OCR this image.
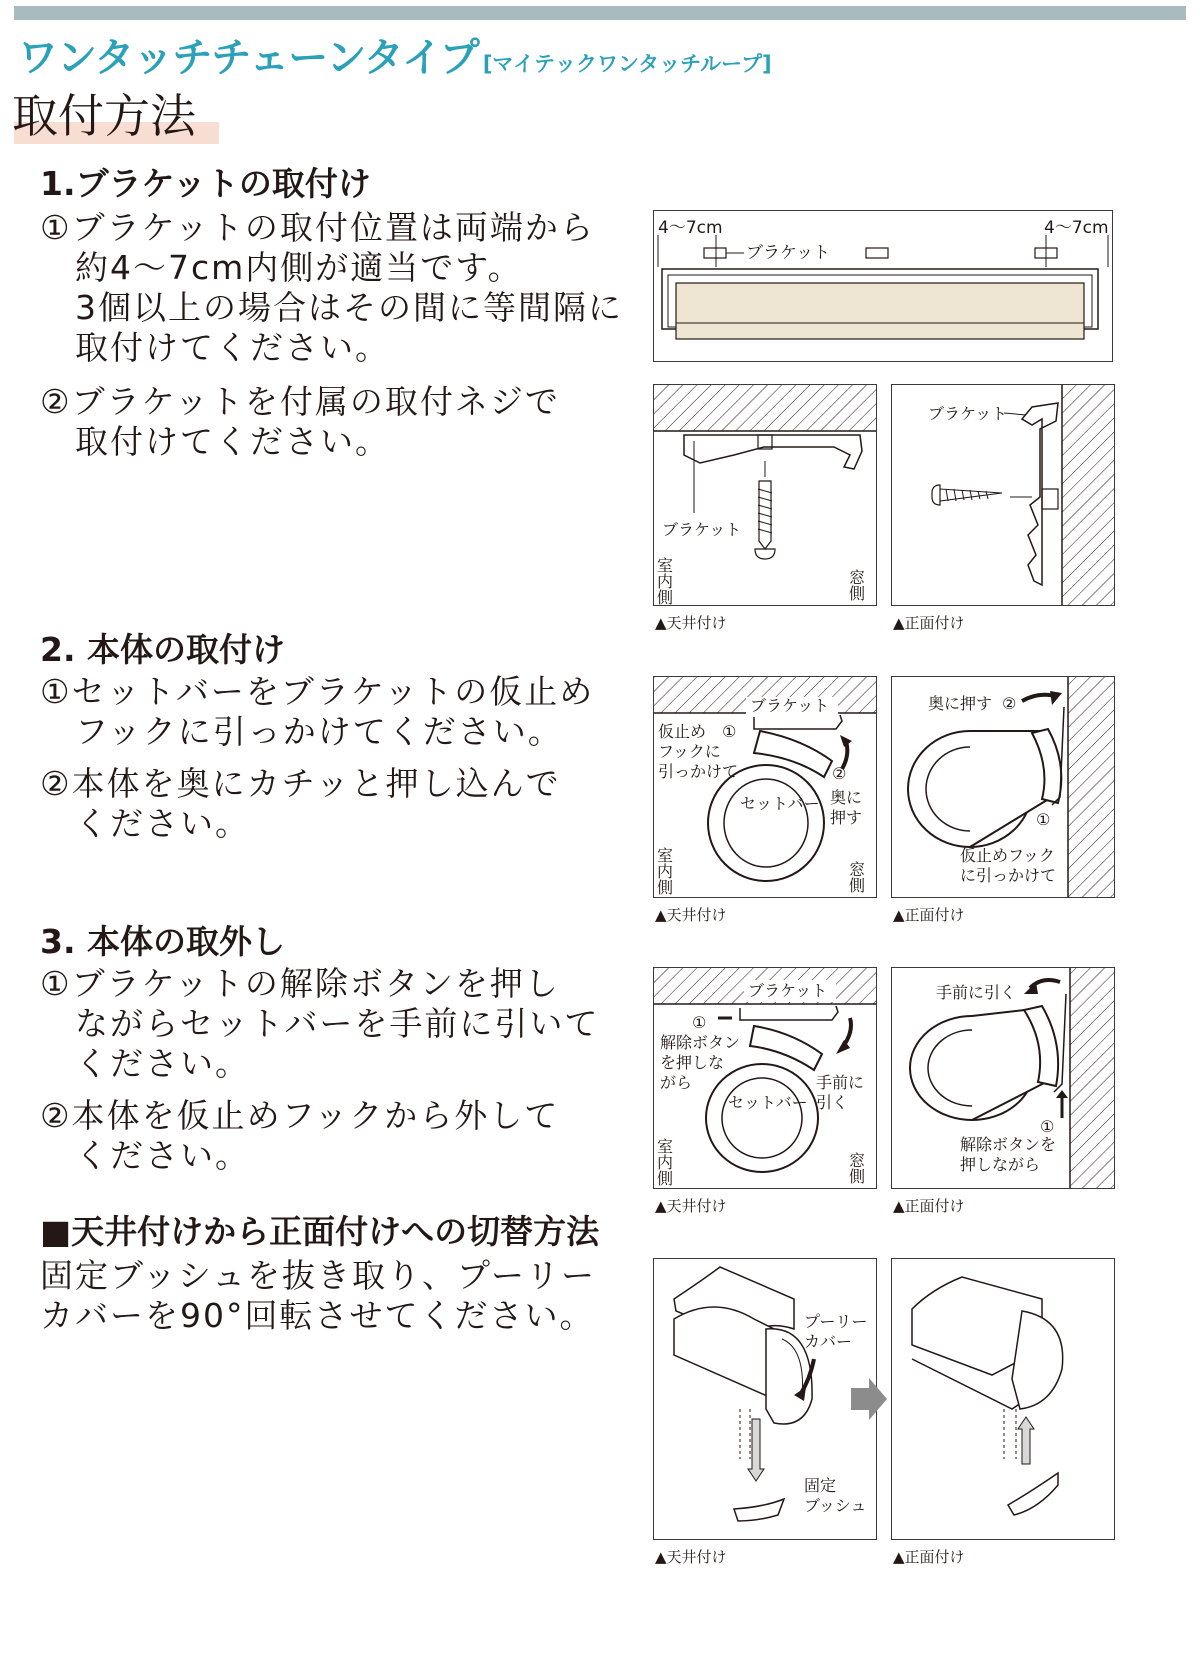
ワンタッチチェーンタイプ [マイテックワンタッチループ]
取付方法
1.ブラケットの取付け
①ブラケットの取付位置は両端から
　約4〜7cm内側が適当です。
　3個以上の場合はその間に等間隔に
　取付けてください。
②ブラケットを付属の取付ネジで
　取付けてください。
2. 本体の取付け
①セットバーをブラケットの仮止め
　フックに引っかけてください。
②本体を奥にカチッと押し込んで
　ください。
3. 本体の取外し
①ブラケットの解除ボタンを押し
　ながらセットバーを手前に引いて
　ください。
②本体を仮止めフックから外して
　ください。
■天井付けから正面付けへの切替方法
固定ブッシュを抜き取り、プーリー
カバーを90°回転させてください。
4〜7cm	4〜7cm
ブラケット
ブラケット
室内側	窓側
▲天井付け
ブラケット
▲正面付け
ブラケット
仮止め ①
フックに
引っかけて	②
セットバー 奥に
押す
室内側	窓側
▲天井付け
奥に押す ②
①
仮止めフック
に引っかけて
▲正面付け
ブラケット
①
解除ボタン
を押しな
がら
セットバー
手前に
引く
室内側	窓側
▲天井付け
手前に引く
①
解除ボタンを
押しながら
▲正面付け
プーリー
カバー
固定
ブッシュ
▲天井付け	▲正面付け
